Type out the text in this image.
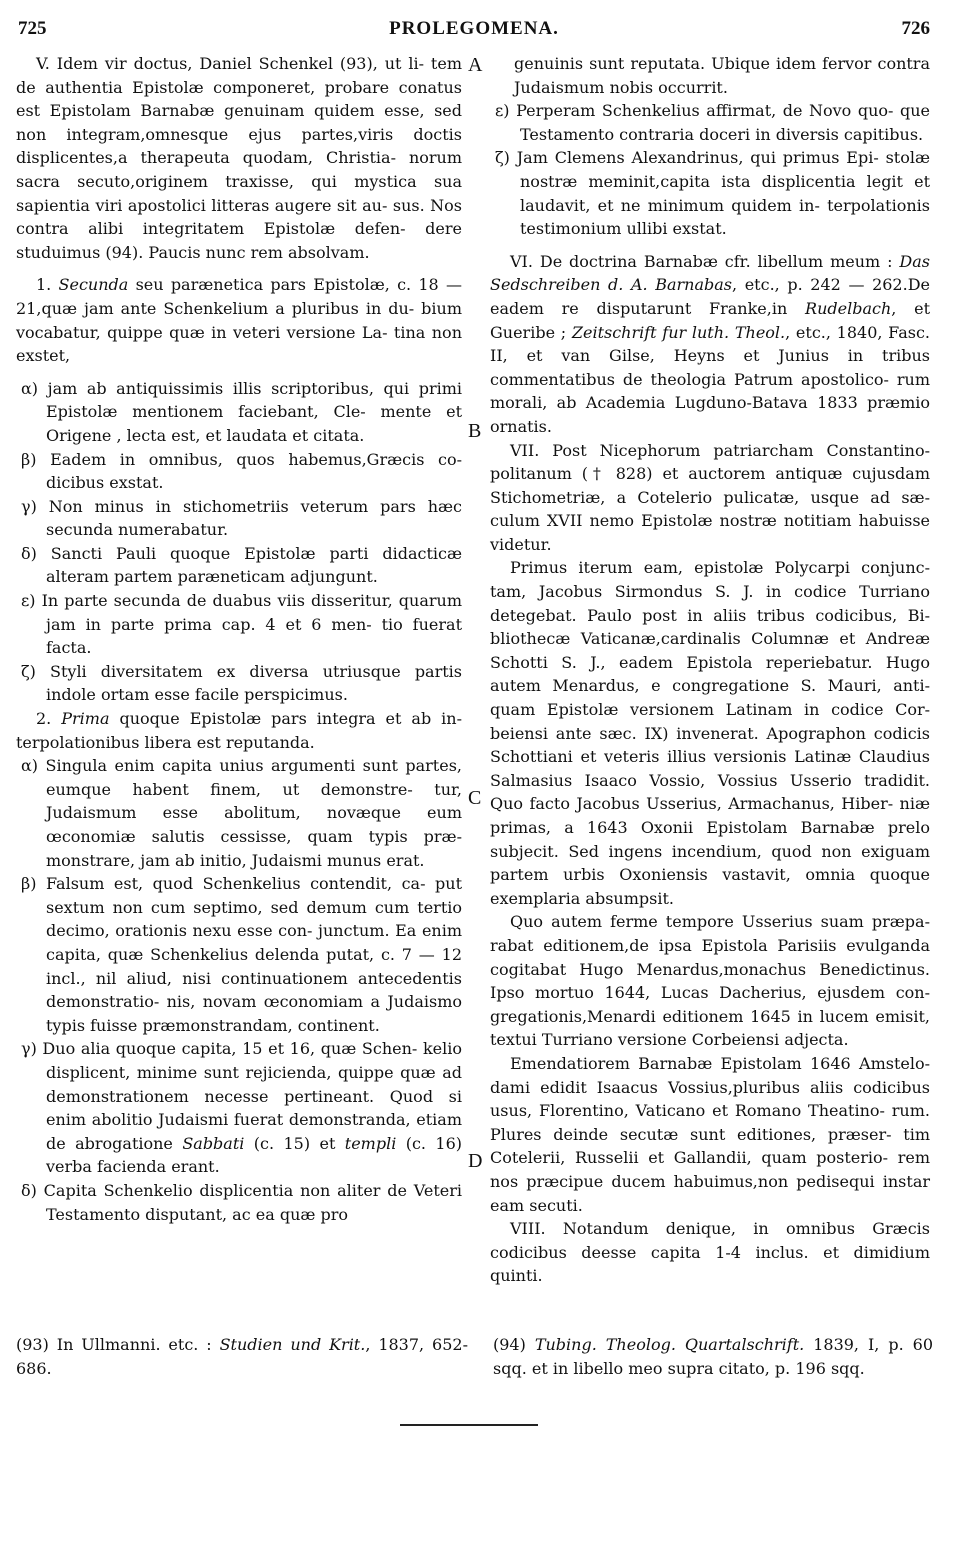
725	PROLEGOMENA.	726

V. Idem vir doctus, Daniel Schenkel (93), ut li- tem de authentia Epistolæ componeret, probare conatus est Epistolam Barnabæ genuinam quidem esse, sed non integram,omnesque ejus partes,viris doctis displicentes,a therapeuta quodam, Christia- norum sacra secuto,originem traxisse, qui mystica sua sapientia viri apostolici litteras augere sit au- sus. Nos contra alibi integritatem Epistolæ defen- dere studuimus (94). Paucis nunc rem absolvam.

1. Secunda seu parænetica pars Epistolæ, c. 18 — 21,quæ jam ante Schenkelium a pluribus in du- bium vocabatur, quippe quæ in veteri versione La- tina non exstet,

α) jam ab antiquissimis illis scriptoribus, qui primi Epistolæ mentionem faciebant, Cle- mente et Origene , lecta est, et laudata et citata.

β) Eadem in omnibus, quos habemus,Græcis co- dicibus exstat.

γ) Non minus in stichometriis veterum pars hæc secunda numerabatur.

δ) Sancti Pauli quoque Epistolæ parti didacticæ alteram partem paræneticam adjungunt.

ε) In parte secunda de duabus viis disseritur, quarum jam in parte prima cap. 4 et 6 men- tio fuerat facta.

ζ) Styli diversitatem ex diversa utriusque partis indole ortam esse facile perspicimus.

2. Prima quoque Epistolæ pars integra et ab in- terpolationibus libera est reputanda.

α) Singula enim capita unius argumenti sunt partes, eumque habent finem, ut demonstre- tur, Judaismum esse abolitum, novæque eum œconomiæ salutis cessisse, quam typis præ- monstrare, jam ab initio, Judaismi munus erat.

β) Falsum est, quod Schenkelius contendit, ca- put sextum non cum septimo, sed demum cum tertio decimo, orationis nexu esse con- junctum. Ea enim capita, quæ Schenkelius delenda putat, c. 7 — 12 incl., nil aliud, nisi continuationem antecedentis demonstratio- nis, novam œconomiam a Judaismo typis fuisse præmonstrandam, continent.

γ) Duo alia quoque capita, 15 et 16, quæ Schen- kelio displicent, minime sunt rejicienda, quippe quæ ad demonstrationem necesse pertineant. Quod si enim abolitio Judaismi fuerat demonstranda, etiam de abrogatione Sabbati (c. 15) et templi (c. 16) verba facienda erant.

δ) Capita Schenkelio displicentia non aliter de Veteri Testamento disputant, ac ea quæ pro

A
B
C
D

genuinis sunt reputata. Ubique idem fervor contra Judaismum nobis occurrit.

ε) Perperam Schenkelius affirmat, de Novo quo- que Testamento contraria doceri in diversis capitibus.

ζ) Jam Clemens Alexandrinus, qui primus Epi- stolæ nostræ meminit,capita ista displicentia legit et laudavit, et ne minimum quidem in- terpolationis testimonium ullibi exstat.

VI. De doctrina Barnabæ cfr. libellum meum : Das Sedschreiben d. A. Barnabas, etc., p. 242 — 262.De eadem re disputarunt Franke,in Rudelbach, et Gueribe ; Zeitschrift fur luth. Theol., etc., 1840, Fasc. II, et van Gilse, Heyns et Junius in tribus commentatibus de theologia Patrum apostolico- rum morali, ab Academia Lugduno-Batava 1833 præmio ornatis.

VII. Post Nicephorum patriarcham Constantino- politanum († 828) et auctorem antiquæ cujusdam Stichometriæ, a Cotelerio pulicatæ, usque ad sæ- culum XVII nemo Epistolæ nostræ notitiam habuisse videtur.

Primus iterum eam, epistolæ Polycarpi conjunc- tam, Jacobus Sirmondus S. J. in codice Turriano detegebat. Paulo post in aliis tribus codicibus, Bi- bliothecæ Vaticanæ,cardinalis Columnæ et Andreæ Schotti S. J., eadem Epistola reperiebatur. Hugo autem Menardus, e congregatione S. Mauri, anti- quam Epistolæ versionem Latinam in codice Cor- beiensi ante sæc. IX) invenerat. Apographon codicis Schottiani et veteris illius versionis Latinæ Claudius Salmasius Isaaco Vossio, Vossius Usserio tradidit. Quo facto Jacobus Usserius, Armachanus, Hiber- niæ primas, a 1643 Oxonii Epistolam Barnabæ prelo subjecit. Sed ingens incendium, quod non exiguam partem urbis Oxoniensis vastavit, omnia quoque exemplaria absumpsit.

Quo autem ferme tempore Usserius suam præpa- rabat editionem,de ipsa Epistola Parisiis evulganda cogitabat Hugo Menardus,monachus Benedictinus. Ipso mortuo 1644, Lucas Dacherius, ejusdem con- gregationis,Menardi editionem 1645 in lucem emisit, textui Turriano versione Corbeiensi adjecta.

Emendatiorem Barnabæ Epistolam 1646 Amstelo- dami edidit Isaacus Vossius,pluribus aliis codicibus usus, Florentino, Vaticano et Romano Theatino- rum. Plures deinde secutæ sunt editiones, præser- tim Cotelerii, Russelii et Gallandii, quam posterio- rem nos præcipue ducem habuimus,non pedisequi instar eam secuti.

VIII. Notandum denique, in omnibus Græcis codicibus deesse capita 1-4 inclus. et dimidium quinti.

(93) In Ullmanni. etc. : Studien und Krit., 1837, 652-686.
(94) Tubing. Theolog. Quartalschrift. 1839, I, p. 60 sqq. et in libello meo supra citato, p. 196 sqq.
